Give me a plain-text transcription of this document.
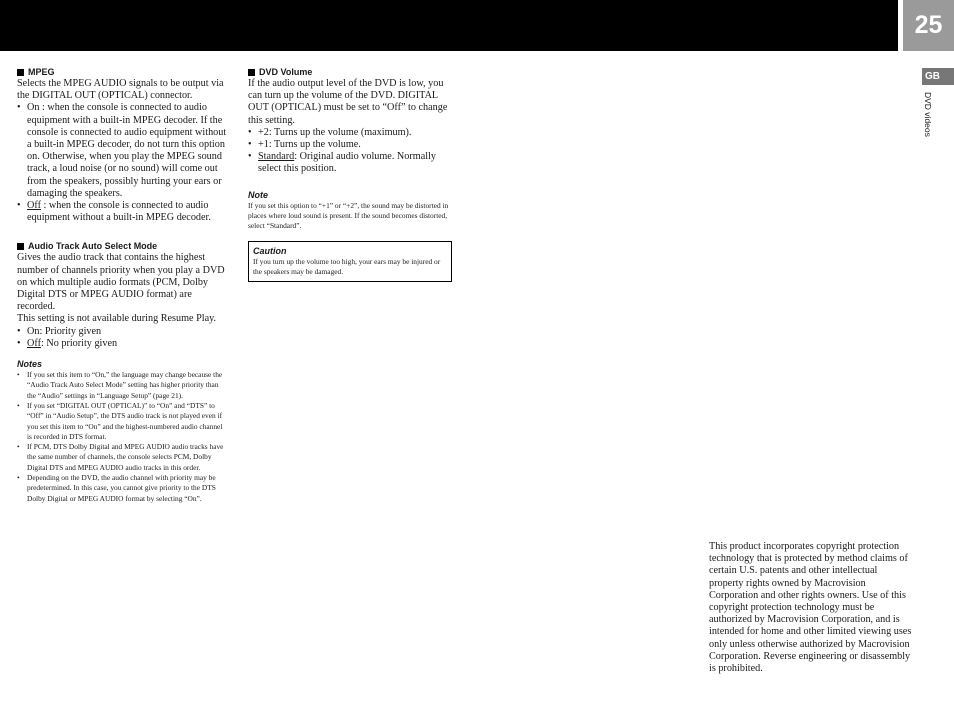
25
GB
DVD videos
MPEG

Selects the MPEG AUDIO signals to be output via the DIGITAL OUT (OPTICAL) connector.

• On : when the console is connected to audio equipment with a built-in MPEG decoder. If the console is connected to audio equipment without a built-in MPEG decoder, do not turn this option on. Otherwise, when you play the MPEG sound track, a loud noise (or no sound) will come out from the speakers, possibly hurting your ears or damaging the speakers.
• Off : when the console is connected to audio equipment without a built-in MPEG decoder.
Audio Track Auto Select Mode

Gives the audio track that contains the highest number of channels priority when you play a DVD on which multiple audio formats (PCM, Dolby Digital DTS or MPEG AUDIO format) are recorded.

This setting is not available during Resume Play.

• On: Priority given
• Off: No priority given
Notes
• If you set this item to “On,” the language may change because the “Audio Track Auto Select Mode” setting has higher priority than the “Audio” settings in “Language Setup” (page 21).
• If you set “DIGITAL OUT (OPTICAL)” to “On” and “DTS” to “Off” in “Audio Setup”, the DTS audio track is not played even if you set this item to “On” and the highest-numbered audio channel is recorded in DTS format.
• If PCM, DTS Dolby Digital and MPEG AUDIO audio tracks have the same number of channels, the console selects PCM, Dolby Digital DTS and MPEG AUDIO audio tracks in this order.
• Depending on the DVD, the audio channel with priority may be predetermined. In this case, you cannot give priority to the DTS Dolby Digital or MPEG AUDIO format by selecting “On”.
DVD Volume

If the audio output level of the DVD is low, you can turn up the volume of the DVD. DIGITAL OUT (OPTICAL) must be set to “Off” to change this setting.

• +2: Turns up the volume (maximum).
• +1: Turns up the volume.
• Standard: Original audio volume. Normally select this position.
Note

If you set this option to “+1” or “+2”, the sound may be distorted in places where loud sound is present. If the sound becomes distorted, select “Standard”.

Caution

If you turn up the volume too high, your ears may be injured or the speakers may be damaged.

This product incorporates copyright protection technology that is protected by method claims of certain U.S. patents and other intellectual property rights owned by Macrovision Corporation and other rights owners. Use of this copyright protection technology must be authorized by Macrovision Corporation, and is intended for home and other limited viewing uses only unless otherwise authorized by Macrovision Corporation. Reverse engineering or disassembly is prohibited.
